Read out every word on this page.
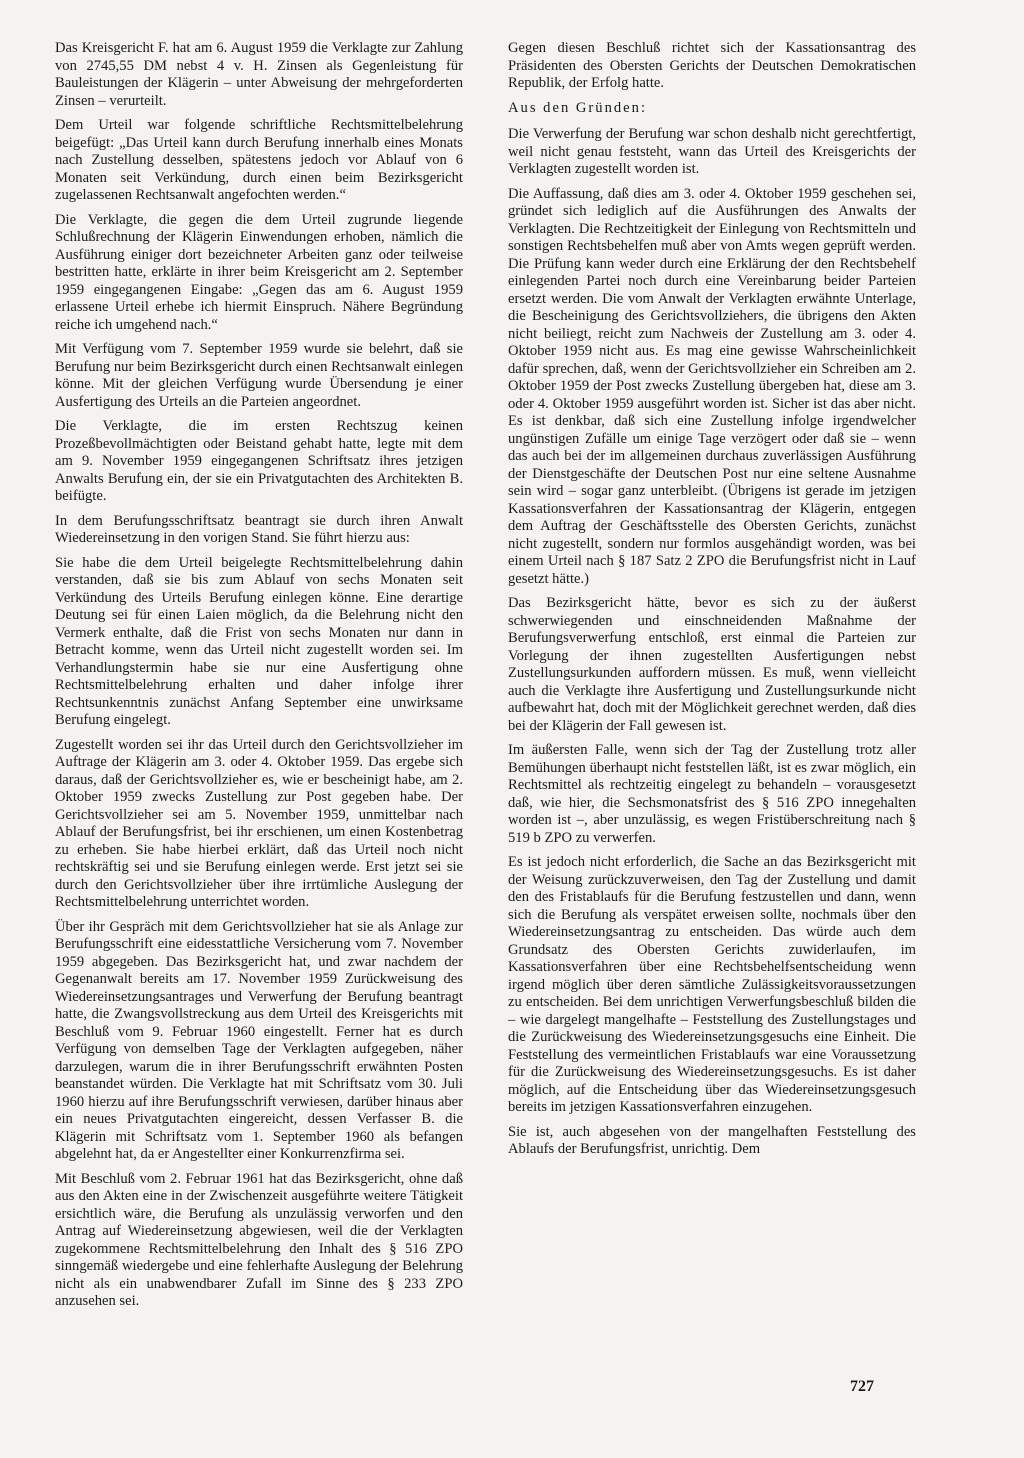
Das Kreisgericht F. hat am 6. August 1959 die Verklagte zur Zahlung von 2745,55 DM nebst 4 v. H. Zinsen als Gegenleistung für Bauleistungen der Klägerin – unter Abweisung der mehrgeforderten Zinsen – verurteilt.

Dem Urteil war folgende schriftliche Rechtsmittelbelehrung beigefügt: „Das Urteil kann durch Berufung innerhalb eines Monats nach Zustellung desselben, spätestens jedoch vor Ablauf von 6 Monaten seit Verkündung, durch einen beim Bezirksgericht zugelassenen Rechtsanwalt angefochten werden.“

Die Verklagte, die gegen die dem Urteil zugrunde liegende Schlußrechnung der Klägerin Einwendungen erhoben, nämlich die Ausführung einiger dort bezeichneter Arbeiten ganz oder teilweise bestritten hatte, erklärte in ihrer beim Kreisgericht am 2. September 1959 eingegangenen Eingabe: „Gegen das am 6. August 1959 erlassene Urteil erhebe ich hiermit Einspruch. Nähere Begründung reiche ich umgehend nach.“

Mit Verfügung vom 7. September 1959 wurde sie belehrt, daß sie Berufung nur beim Bezirksgericht durch einen Rechtsanwalt einlegen könne. Mit der gleichen Verfügung wurde Übersendung je einer Ausfertigung des Urteils an die Parteien angeordnet.

Die Verklagte, die im ersten Rechtszug keinen Prozeßbevollmächtigten oder Beistand gehabt hatte, legte mit dem am 9. November 1959 eingegangenen Schriftsatz ihres jetzigen Anwalts Berufung ein, der sie ein Privatgutachten des Architekten B. beifügte.

In dem Berufungsschriftsatz beantragt sie durch ihren Anwalt Wiedereinsetzung in den vorigen Stand. Sie führt hierzu aus:

Sie habe die dem Urteil beigelegte Rechtsmittelbelehrung dahin verstanden, daß sie bis zum Ablauf von sechs Monaten seit Verkündung des Urteils Berufung einlegen könne. Eine derartige Deutung sei für einen Laien möglich, da die Belehrung nicht den Vermerk enthalte, daß die Frist von sechs Monaten nur dann in Betracht komme, wenn das Urteil nicht zugestellt worden sei. Im Verhandlungstermin habe sie nur eine Ausfertigung ohne Rechtsmittelbelehrung erhalten und daher infolge ihrer Rechtsunkenntnis zunächst Anfang September eine unwirksame Berufung eingelegt.

Zugestellt worden sei ihr das Urteil durch den Gerichtsvollzieher im Auftrage der Klägerin am 3. oder 4. Oktober 1959. Das ergebe sich daraus, daß der Gerichtsvollzieher es, wie er bescheinigt habe, am 2. Oktober 1959 zwecks Zustellung zur Post gegeben habe. Der Gerichtsvollzieher sei am 5. November 1959, unmittelbar nach Ablauf der Berufungsfrist, bei ihr erschienen, um einen Kostenbetrag zu erheben. Sie habe hierbei erklärt, daß das Urteil noch nicht rechtskräftig sei und sie Berufung einlegen werde. Erst jetzt sei sie durch den Gerichtsvollzieher über ihre irrtümliche Auslegung der Rechtsmittelbelehrung unterrichtet worden.

Über ihr Gespräch mit dem Gerichtsvollzieher hat sie als Anlage zur Berufungsschrift eine eidesstattliche Versicherung vom 7. November 1959 abgegeben. Das Bezirksgericht hat, und zwar nachdem der Gegenanwalt bereits am 17. November 1959 Zurückweisung des Wiedereinsetzungsantrages und Verwerfung der Berufung beantragt hatte, die Zwangsvollstreckung aus dem Urteil des Kreisgerichts mit Beschluß vom 9. Februar 1960 eingestellt. Ferner hat es durch Verfügung von demselben Tage der Verklagten aufgegeben, näher darzulegen, warum die in ihrer Berufungsschrift erwähnten Posten beanstandet würden. Die Verklagte hat mit Schriftsatz vom 30. Juli 1960 hierzu auf ihre Berufungsschrift verwiesen, darüber hinaus aber ein neues Privatgutachten eingereicht, dessen Verfasser B. die Klägerin mit Schriftsatz vom 1. September 1960 als befangen abgelehnt hat, da er Angestellter einer Konkurrenzfirma sei.

Mit Beschluß vom 2. Februar 1961 hat das Bezirksgericht, ohne daß aus den Akten eine in der Zwischenzeit ausgeführte weitere Tätigkeit ersichtlich wäre, die Berufung als unzulässig verworfen und den Antrag auf Wiedereinsetzung abgewiesen, weil die der Verklagten zugekommene Rechtsmittelbelehrung den Inhalt des § 516 ZPO sinngemäß wiedergebe und eine fehlerhafte Auslegung der Belehrung nicht als ein unabwendbarer Zufall im Sinne des § 233 ZPO anzusehen sei.

Gegen diesen Beschluß richtet sich der Kassationsantrag des Präsidenten des Obersten Gerichts der Deutschen Demokratischen Republik, der Erfolg hatte.

Aus den Gründen:

Die Verwerfung der Berufung war schon deshalb nicht gerechtfertigt, weil nicht genau feststeht, wann das Urteil des Kreisgerichts der Verklagten zugestellt worden ist.

Die Auffassung, daß dies am 3. oder 4. Oktober 1959 geschehen sei, gründet sich lediglich auf die Ausführungen des Anwalts der Verklagten. Die Rechtzeitigkeit der Einlegung von Rechtsmitteln und sonstigen Rechtsbehelfen muß aber von Amts wegen geprüft werden. Die Prüfung kann weder durch eine Erklärung der den Rechtsbehelf einlegenden Partei noch durch eine Vereinbarung beider Parteien ersetzt werden. Die vom Anwalt der Verklagten erwähnte Unterlage, die Bescheinigung des Gerichtsvollziehers, die übrigens den Akten nicht beiliegt, reicht zum Nachweis der Zustellung am 3. oder 4. Oktober 1959 nicht aus. Es mag eine gewisse Wahrscheinlichkeit dafür sprechen, daß, wenn der Gerichtsvollzieher ein Schreiben am 2. Oktober 1959 der Post zwecks Zustellung übergeben hat, diese am 3. oder 4. Oktober 1959 ausgeführt worden ist. Sicher ist das aber nicht. Es ist denkbar, daß sich eine Zustellung infolge irgendwelcher ungünstigen Zufälle um einige Tage verzögert oder daß sie – wenn das auch bei der im allgemeinen durchaus zuverlässigen Ausführung der Dienstgeschäfte der Deutschen Post nur eine seltene Ausnahme sein wird – sogar ganz unterbleibt. (Übrigens ist gerade im jetzigen Kassationsverfahren der Kassationsantrag der Klägerin, entgegen dem Auftrag der Geschäftsstelle des Obersten Gerichts, zunächst nicht zugestellt, sondern nur formlos ausgehändigt worden, was bei einem Urteil nach § 187 Satz 2 ZPO die Berufungsfrist nicht in Lauf gesetzt hätte.)

Das Bezirksgericht hätte, bevor es sich zu der äußerst schwerwiegenden und einschneidenden Maßnahme der Berufungsverwerfung entschloß, erst einmal die Parteien zur Vorlegung der ihnen zugestellten Ausfertigungen nebst Zustellungsurkunden auffordern müssen. Es muß, wenn vielleicht auch die Verklagte ihre Ausfertigung und Zustellungsurkunde nicht aufbewahrt hat, doch mit der Möglichkeit gerechnet werden, daß dies bei der Klägerin der Fall gewesen ist.

Im äußersten Falle, wenn sich der Tag der Zustellung trotz aller Bemühungen überhaupt nicht feststellen läßt, ist es zwar möglich, ein Rechtsmittel als rechtzeitig eingelegt zu behandeln – vorausgesetzt daß, wie hier, die Sechsmonatsfrist des § 516 ZPO innegehalten worden ist –, aber unzulässig, es wegen Fristüberschreitung nach § 519 b ZPO zu verwerfen.

Es ist jedoch nicht erforderlich, die Sache an das Bezirksgericht mit der Weisung zurückzuverweisen, den Tag der Zustellung und damit den des Fristablaufs für die Berufung festzustellen und dann, wenn sich die Berufung als verspätet erweisen sollte, nochmals über den Wiedereinsetzungsantrag zu entscheiden. Das würde auch dem Grundsatz des Obersten Gerichts zuwiderlaufen, im Kassationsverfahren über eine Rechtsbehelfsentscheidung wenn irgend möglich über deren sämtliche Zulässigkeitsvoraussetzungen zu entscheiden. Bei dem unrichtigen Verwerfungsbeschluß bilden die – wie dargelegt mangelhafte – Feststellung des Zustellungstages und die Zurückweisung des Wiedereinsetzungsgesuchs eine Einheit. Die Feststellung des vermeintlichen Fristablaufs war eine Voraussetzung für die Zurückweisung des Wiedereinsetzungsgesuchs. Es ist daher möglich, auf die Entscheidung über das Wiedereinsetzungsgesuch bereits im jetzigen Kassationsverfahren einzugehen.

Sie ist, auch abgesehen von der mangelhaften Feststellung des Ablaufs der Berufungsfrist, unrichtig. Dem

727
